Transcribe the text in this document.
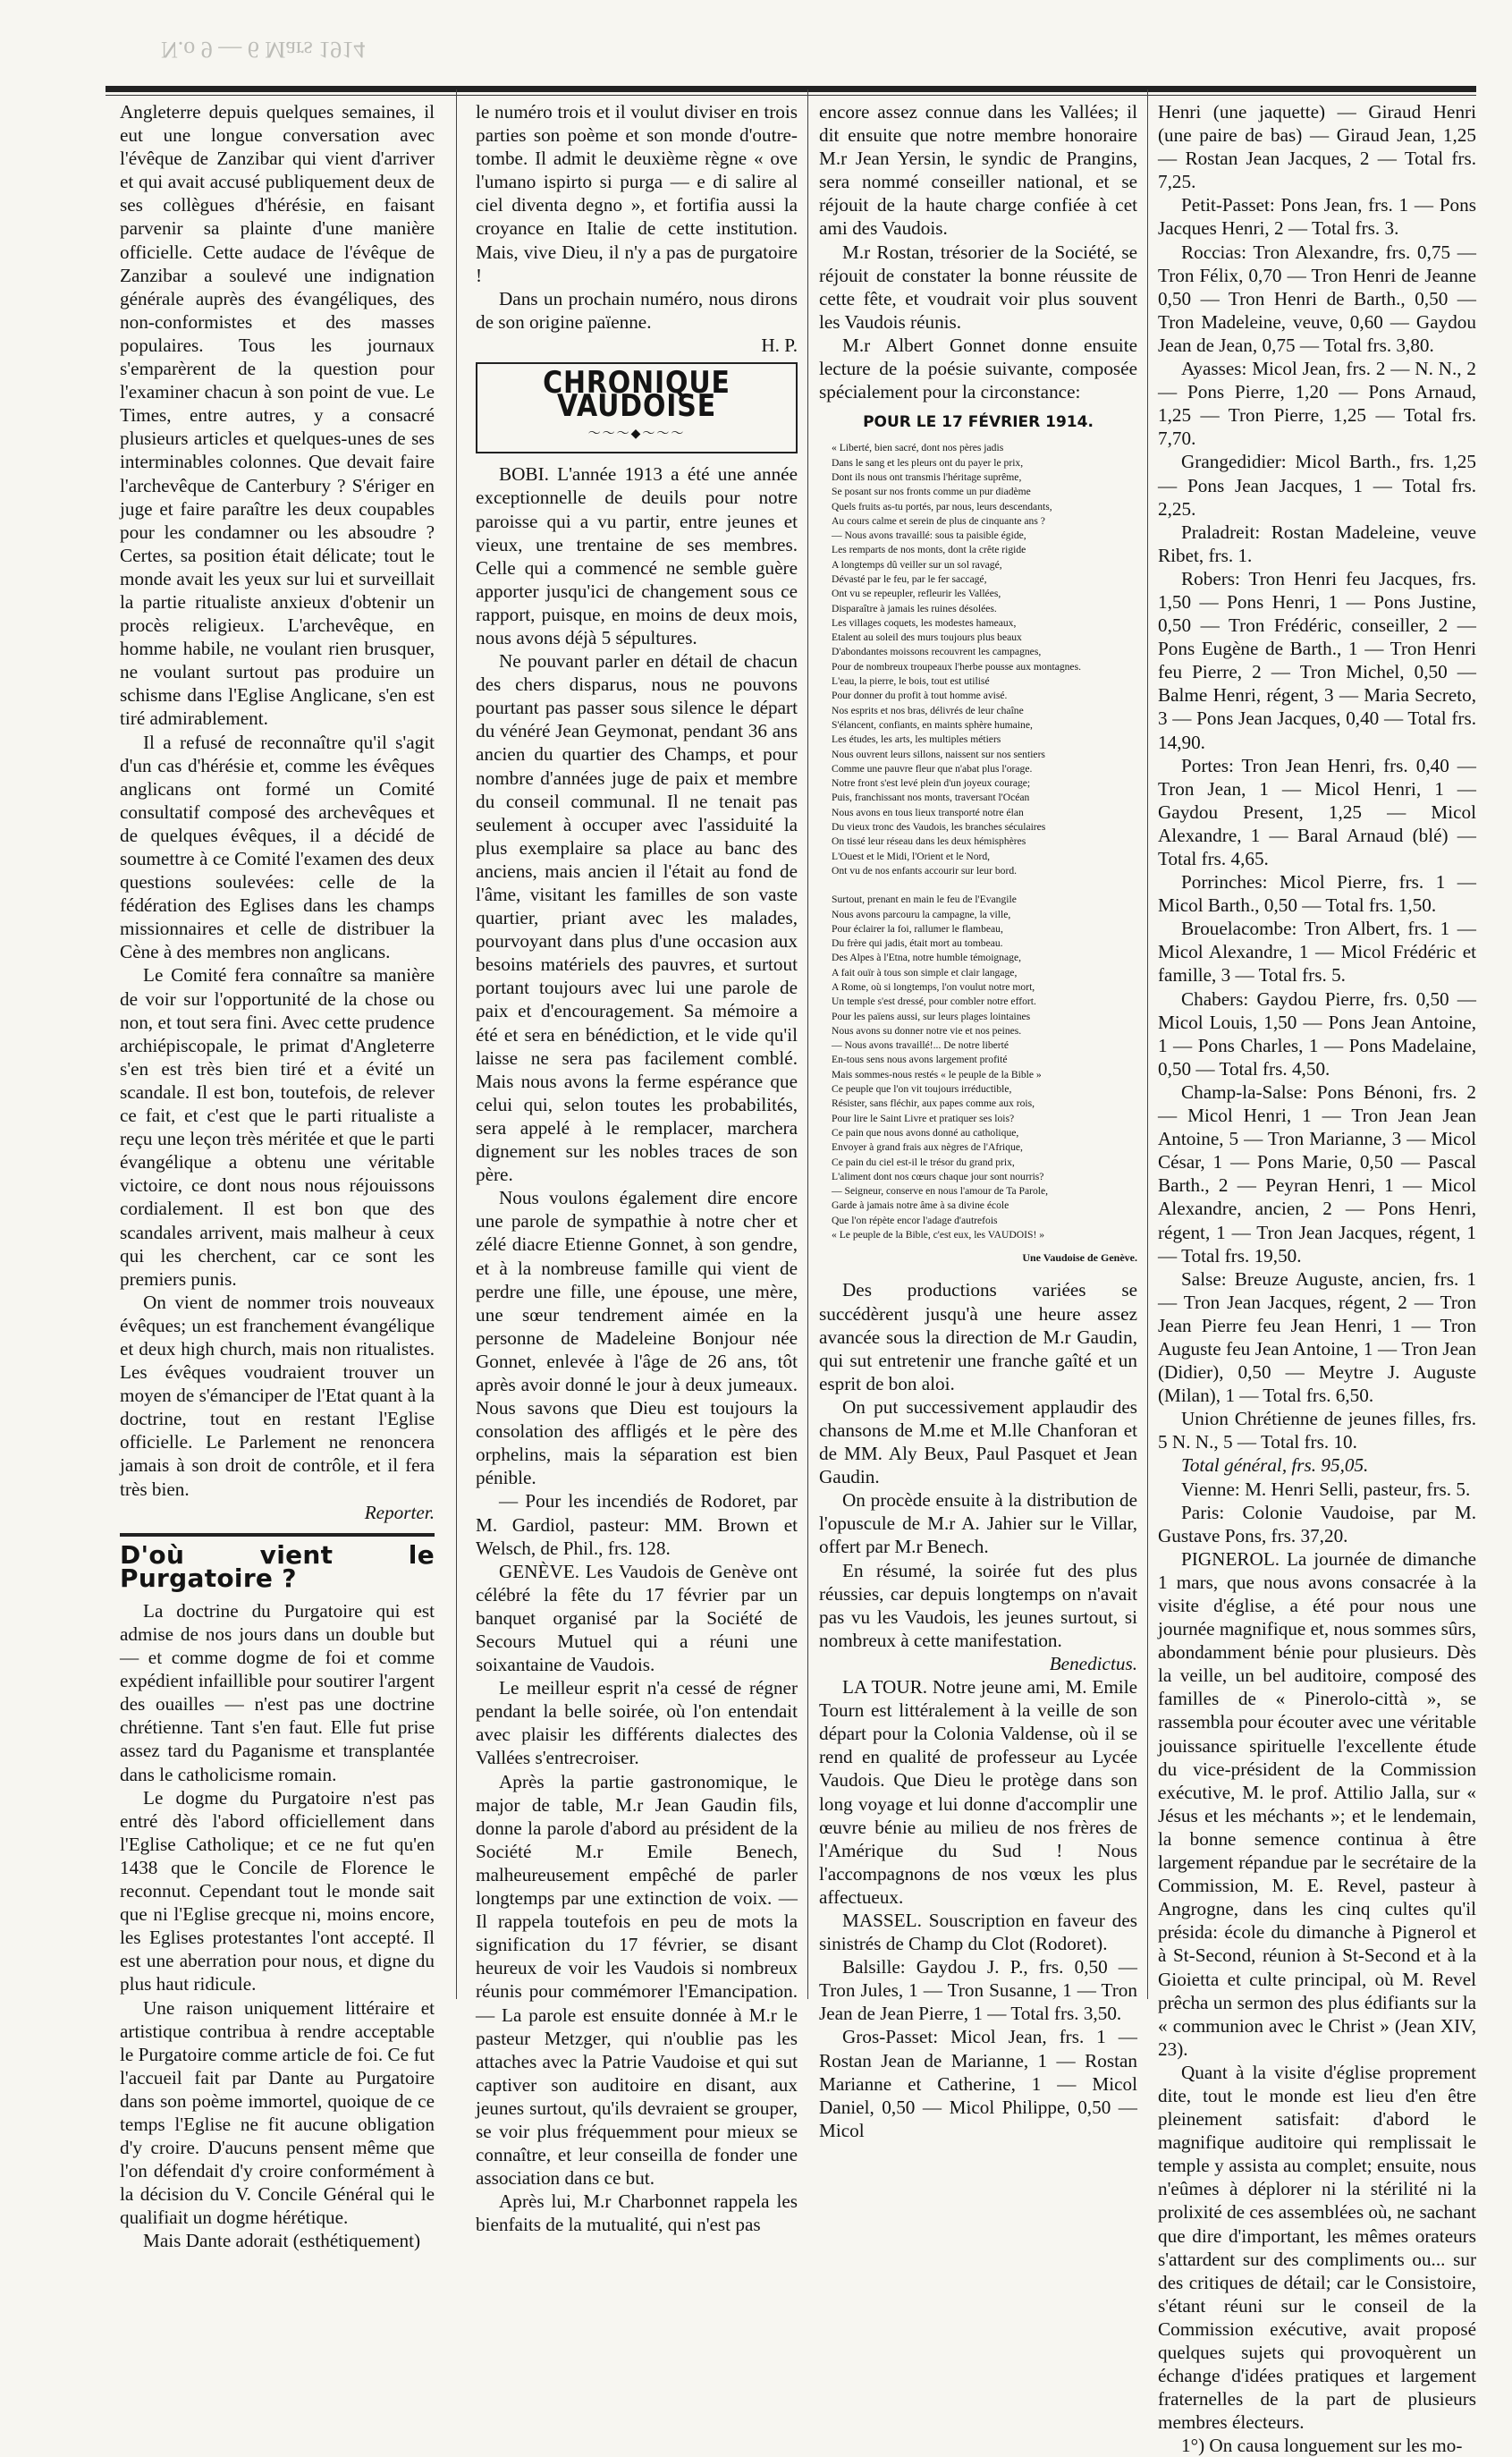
N.o 9 — 6 Mars 1914

Angleterre depuis quelques semaines, il eut une longue conversation avec l'évêque de Zanzibar qui vient d'arriver et qui avait accusé publiquement deux de ses collègues d'hérésie, en faisant parvenir sa plainte d'une manière officielle. Cette audace de l'évêque de Zanzibar a soulevé une indignation générale auprès des évangéliques, des non-conformistes et des masses populaires. Tous les journaux s'emparèrent de la question pour l'examiner chacun à son point de vue. Le Times, entre autres, y a consacré plusieurs articles et quelques-unes de ses interminables colonnes. Que devait faire l'archevêque de Canterbury ? S'ériger en juge et faire paraître les deux coupables pour les condamner ou les absoudre ? Certes, sa position était délicate; tout le monde avait les yeux sur lui et surveillait la partie ritualiste anxieux d'obtenir un procès religieux. L'archevêque, en homme habile, ne voulant rien brusquer, ne voulant surtout pas produire un schisme dans l'Eglise Anglicane, s'en est tiré admirablement.

Il a refusé de reconnaître qu'il s'agit d'un cas d'hérésie et, comme les évêques anglicans ont formé un Comité consultatif composé des archevêques et de quelques évêques, il a décidé de soumettre à ce Comité l'examen des deux questions soulevées: celle de la fédération des Eglises dans les champs missionnaires et celle de distribuer la Cène à des membres non anglicans.

Le Comité fera connaître sa manière de voir sur l'opportunité de la chose ou non, et tout sera fini. Avec cette prudence archiépiscopale, le primat d'Angleterre s'en est très bien tiré et a évité un scandale. Il est bon, toutefois, de relever ce fait, et c'est que le parti ritualiste a reçu une leçon très méritée et que le parti évangélique a obtenu une véritable victoire, ce dont nous nous réjouissons cordialement. Il est bon que des scandales arrivent, mais malheur à ceux qui les cherchent, car ce sont les premiers punis.

On vient de nommer trois nouveaux évêques; un est franchement évangélique et deux high church, mais non ritualistes. Les évêques voudraient trouver un moyen de s'émanciper de l'Etat quant à la doctrine, tout en restant l'Eglise officielle. Le Parlement ne renoncera jamais à son droit de contrôle, et il fera très bien.

Reporter.

D'où vient le Purgatoire ?

La doctrine du Purgatoire qui est admise de nos jours dans un double but — et comme dogme de foi et comme expédient infaillible pour soutirer l'argent des ouailles — n'est pas une doctrine chrétienne. Tant s'en faut. Elle fut prise assez tard du Paganisme et transplantée dans le catholicisme romain.

Le dogme du Purgatoire n'est pas entré dès l'abord officiellement dans l'Eglise Catholique; et ce ne fut qu'en 1438 que le Concile de Florence le reconnut. Cependant tout le monde sait que ni l'Eglise grecque ni, moins encore, les Eglises protestantes l'ont accepté. Il est une aberration pour nous, et digne du plus haut ridicule.

Une raison uniquement littéraire et artistique contribua à rendre acceptable le Purgatoire comme article de foi. Ce fut l'accueil fait par Dante au Purgatoire dans son poème immortel, quoique de ce temps l'Eglise ne fit aucune obligation d'y croire. D'aucuns pensent même que l'on défendait d'y croire conformément à la décision du V. Concile Général qui le qualifiait un dogme hérétique.

Mais Dante adorait (esthétiquement)

le numéro trois et il voulut diviser en trois parties son poème et son monde d'outre-tombe. Il admit le deuxième règne « ove l'umano ispirto si purga — e di salire al ciel diventa degno », et fortifia aussi la croyance en Italie de cette institution. Mais, vive Dieu, il n'y a pas de purgatoire !

Dans un prochain numéro, nous dirons de son origine païenne.

H. P.

CHRONIQUE VAUDOISE
～～～◆～～～

BOBI. L'année 1913 a été une année exceptionnelle de deuils pour notre paroisse qui a vu partir, entre jeunes et vieux, une trentaine de ses membres. Celle qui a commencé ne semble guère apporter jusqu'ici de changement sous ce rapport, puisque, en moins de deux mois, nous avons déjà 5 sépultures.

Ne pouvant parler en détail de chacun des chers disparus, nous ne pouvons pourtant pas passer sous silence le départ du vénéré Jean Geymonat, pendant 36 ans ancien du quartier des Champs, et pour nombre d'années juge de paix et membre du conseil communal. Il ne tenait pas seulement à occuper avec l'assiduité la plus exemplaire sa place au banc des anciens, mais ancien il l'était au fond de l'âme, visitant les familles de son vaste quartier, priant avec les malades, pourvoyant dans plus d'une occasion aux besoins matériels des pauvres, et surtout portant toujours avec lui une parole de paix et d'encouragement. Sa mémoire a été et sera en bénédiction, et le vide qu'il laisse ne sera pas facilement comblé. Mais nous avons la ferme espérance que celui qui, selon toutes les probabilités, sera appelé à le remplacer, marchera dignement sur les nobles traces de son père.

Nous voulons également dire encore une parole de sympathie à notre cher et zélé diacre Etienne Gonnet, à son gendre, et à la nombreuse famille qui vient de perdre une fille, une épouse, une mère, une sœur tendrement aimée en la personne de Madeleine Bonjour née Gonnet, enlevée à l'âge de 26 ans, tôt après avoir donné le jour à deux jumeaux. Nous savons que Dieu est toujours la consolation des affligés et le père des orphelins, mais la séparation est bien pénible.

— Pour les incendiés de Rodoret, par M. Gardiol, pasteur: MM. Brown et Welsch, de Phil., frs. 128.

GENÈVE. Les Vaudois de Genève ont célébré la fête du 17 février par un banquet organisé par la Société de Secours Mutuel qui a réuni une soixantaine de Vaudois.

Le meilleur esprit n'a cessé de régner pendant la belle soirée, où l'on entendait avec plaisir les différents dialectes des Vallées s'entrecroiser.

Après la partie gastronomique, le major de table, M.r Jean Gaudin fils, donne la parole d'abord au président de la Société M.r Emile Benech, malheureusement empêché de parler longtemps par une extinction de voix. — Il rappela toutefois en peu de mots la signification du 17 février, se disant heureux de voir les Vaudois si nombreux réunis pour commémorer l'Emancipation. — La parole est ensuite donnée à M.r le pasteur Metzger, qui n'oublie pas les attaches avec la Patrie Vaudoise et qui sut captiver son auditoire en disant, aux jeunes surtout, qu'ils devraient se grouper, se voir plus fréquemment pour mieux se connaître, et leur conseilla de fonder une association dans ce but.

Après lui, M.r Charbonnet rappela les bienfaits de la mutualité, qui n'est pas

encore assez connue dans les Vallées; il dit ensuite que notre membre honoraire M.r Jean Yersin, le syndic de Prangins, sera nommé conseiller national, et se réjouit de la haute charge confiée à cet ami des Vaudois.

M.r Rostan, trésorier de la Société, se réjouit de constater la bonne réussite de cette fête, et voudrait voir plus souvent les Vaudois réunis.

M.r Albert Gonnet donne ensuite lecture de la poésie suivante, composée spécialement pour la circonstance:

POUR LE 17 FÉVRIER 1914.

« Liberté, bien sacré, dont nos pères jadis
Dans le sang et les pleurs ont du payer le prix,
Dont ils nous ont transmis l'héritage suprême,
Se posant sur nos fronts comme un pur diadème
Quels fruits as-tu portés, par nous, leurs descendants,
Au cours calme et serein de plus de cinquante ans ?
— Nous avons travaillé: sous ta paisible égide,
Les remparts de nos monts, dont la crête rigide
A longtemps dû veiller sur un sol ravagé,
Dévasté par le feu, par le fer saccagé,
Ont vu se repeupler, refleurir les Vallées,
Disparaître à jamais les ruines désolées.
Les villages coquets, les modestes hameaux,
Etalent au soleil des murs toujours plus beaux
D'abondantes moissons recouvrent les campagnes,
Pour de nombreux troupeaux l'herbe pousse aux montagnes.
L'eau, la pierre, le bois, tout est utilisé
Pour donner du profit à tout homme avisé.
Nos esprits et nos bras, délivrés de leur chaîne
S'élancent, confiants, en maints sphère humaine,
Les études, les arts, les multiples métiers
Nous ouvrent leurs sillons, naissent sur nos sentiers
Comme une pauvre fleur que n'abat plus l'orage.
Notre front s'est levé plein d'un joyeux courage;
Puis, franchissant nos monts, traversant l'Océan
Nous avons en tous lieux transporté notre élan
Du vieux tronc des Vaudois, les branches séculaires
On tissé leur réseau dans les deux hémisphères
L'Ouest et le Midi, l'Orient et le Nord,
Ont vu de nos enfants accourir sur leur bord.
Surtout, prenant en main le feu de l'Evangile
Nous avons parcouru la campagne, la ville,
Pour éclairer la foi, rallumer le flambeau,
Du frère qui jadis, était mort au tombeau.
Des Alpes à l'Etna, notre humble témoignage,
A fait ouïr à tous son simple et clair langage,
A Rome, où si longtemps, l'on voulut notre mort,
Un temple s'est dressé, pour combler notre effort.
Pour les païens aussi, sur leurs plages lointaines
Nous avons su donner notre vie et nos peines.
— Nous avons travaillé!... De notre liberté
En-tous sens nous avons largement profité
Mais sommes-nous restés « le peuple de la Bible »
Ce peuple que l'on vit toujours irréductible,
Résister, sans fléchir, aux papes comme aux rois,
Pour lire le Saint Livre et pratiquer ses lois?
Ce pain que nous avons donné au catholique,
Envoyer à grand frais aux nègres de l'Afrique,
Ce pain du ciel est-il le trésor du grand prix,
L'aliment dont nos cœurs chaque jour sont nourris?
— Seigneur, conserve en nous l'amour de Ta Parole,
Garde à jamais notre âme à sa divine école
Que l'on répète encor l'adage d'autrefois
« Le peuple de la Bible, c'est eux, les VAUDOIS! »

Une Vaudoise de Genève.

Des productions variées se succédèrent jusqu'à une heure assez avancée sous la direction de M.r Gaudin, qui sut entretenir une franche gaîté et un esprit de bon aloi.

On put successivement applaudir des chansons de M.me et M.lle Chanforan et de MM. Aly Beux, Paul Pasquet et Jean Gaudin.

On procède ensuite à la distribution de l'opuscule de M.r A. Jahier sur le Villar, offert par M.r Benech.

En résumé, la soirée fut des plus réussies, car depuis longtemps on n'avait pas vu les Vaudois, les jeunes surtout, si nombreux à cette manifestation.

Benedictus.

LA TOUR. Notre jeune ami, M. Emile Tourn est littéralement à la veille de son départ pour la Colonia Valdense, où il se rend en qualité de professeur au Lycée Vaudois. Que Dieu le protège dans son long voyage et lui donne d'accomplir une œuvre bénie au milieu de nos frères de l'Amérique du Sud ! Nous l'accompagnons de nos vœux les plus affectueux.

MASSEL. Souscription en faveur des sinistrés de Champ du Clot (Rodoret).

Balsille: Gaydou J. P., frs. 0,50 — Tron Jules, 1 — Tron Susanne, 1 — Tron Jean de Jean Pierre, 1 — Total frs. 3,50.

Gros-Passet: Micol Jean, frs. 1 — Rostan Jean de Marianne, 1 — Rostan Marianne et Catherine, 1 — Micol Daniel, 0,50 — Micol Philippe, 0,50 — Micol

Henri (une jaquette) — Giraud Henri (une paire de bas) — Giraud Jean, 1,25 — Rostan Jean Jacques, 2 — Total frs. 7,25.

Petit-Passet: Pons Jean, frs. 1 — Pons Jacques Henri, 2 — Total frs. 3.

Roccias: Tron Alexandre, frs. 0,75 — Tron Félix, 0,70 — Tron Henri de Jeanne 0,50 — Tron Henri de Barth., 0,50 — Tron Madeleine, veuve, 0,60 — Gaydou Jean de Jean, 0,75 — Total frs. 3,80.

Ayasses: Micol Jean, frs. 2 — N. N., 2 — Pons Pierre, 1,20 — Pons Arnaud, 1,25 — Tron Pierre, 1,25 — Total frs. 7,70.

Grangedidier: Micol Barth., frs. 1,25 — Pons Jean Jacques, 1 — Total frs. 2,25.

Praladreit: Rostan Madeleine, veuve Ribet, frs. 1.

Robers: Tron Henri feu Jacques, frs. 1,50 — Pons Henri, 1 — Pons Justine, 0,50 — Tron Frédéric, conseiller, 2 — Pons Eugène de Barth., 1 — Tron Henri feu Pierre, 2 — Tron Michel, 0,50 — Balme Henri, régent, 3 — Maria Secreto, 3 — Pons Jean Jacques, 0,40 — Total frs. 14,90.

Portes: Tron Jean Henri, frs. 0,40 — Tron Jean, 1 — Micol Henri, 1 — Gaydou Present, 1,25 — Micol Alexandre, 1 — Baral Arnaud (blé) — Total frs. 4,65.

Porrinches: Micol Pierre, frs. 1 — Micol Barth., 0,50 — Total frs. 1,50.

Brouelacombe: Tron Albert, frs. 1 — Micol Alexandre, 1 — Micol Frédéric et famille, 3 — Total frs. 5.

Chabers: Gaydou Pierre, frs. 0,50 — Micol Louis, 1,50 — Pons Jean Antoine, 1 — Pons Charles, 1 — Pons Madelaine, 0,50 — Total frs. 4,50.

Champ-la-Salse: Pons Bénoni, frs. 2 — Micol Henri, 1 — Tron Jean Jean Antoine, 5 — Tron Marianne, 3 — Micol César, 1 — Pons Marie, 0,50 — Pascal Barth., 2 — Peyran Henri, 1 — Micol Alexandre, ancien, 2 — Pons Henri, régent, 1 — Tron Jean Jacques, régent, 1 — Total frs. 19,50.

Salse: Breuze Auguste, ancien, frs. 1 — Tron Jean Jacques, régent, 2 — Tron Jean Pierre feu Jean Henri, 1 — Tron Auguste feu Jean Antoine, 1 — Tron Jean (Didier), 0,50 — Meytre J. Auguste (Milan), 1 — Total frs. 6,50.

Union Chrétienne de jeunes filles, frs. 5 N. N., 5 — Total frs. 10.

Total général, frs. 95,05.

Vienne: M. Henri Selli, pasteur, frs. 5.

Paris: Colonie Vaudoise, par M. Gustave Pons, frs. 37,20.

PIGNEROL. La journée de dimanche 1 mars, que nous avons consacrée à la visite d'église, a été pour nous une journée magnifique et, nous sommes sûrs, abondamment bénie pour plusieurs. Dès la veille, un bel auditoire, composé des familles de « Pinerolo-città », se rassembla pour écouter avec une véritable jouissance spirituelle l'excellente étude du vice-président de la Commission exécutive, M. le prof. Attilio Jalla, sur « Jésus et les méchants »; et le lendemain, la bonne semence continua à être largement répandue par le secrétaire de la Commission, M. E. Revel, pasteur à Angrogne, dans les cinq cultes qu'il présida: école du dimanche à Pignerol et à St-Second, réunion à St-Second et à la Gioietta et culte principal, où M. Revel prêcha un sermon des plus édifiants sur la « communion avec le Christ » (Jean XIV, 23).

Quant à la visite d'église proprement dite, tout le monde est lieu d'en être pleinement satisfait: d'abord le magnifique auditoire qui remplissait le temple y assista au complet; ensuite, nous n'eûmes à déplorer ni la stérilité ni la prolixité de ces assemblées où, ne sachant que dire d'important, les mêmes orateurs s'attardent sur des compliments ou... sur des critiques de détail; car le Consistoire, s'étant réuni sur le conseil de la Commission exécutive, avait proposé quelques sujets qui provoquèrent un échange d'idées pratiques et largement fraternelles de la part de plusieurs membres électeurs.

1°) On causa longuement sur les mo-
